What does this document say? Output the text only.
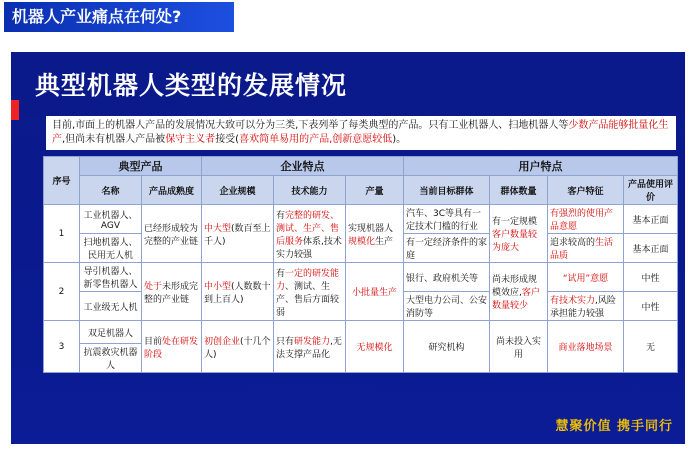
机器人产业痛点在何处?
典型机器人类型的发展情况
目前,市面上的机器人产品的发展情况大致可以分为三类,下表列举了每类典型的产品。只有工业机器人、扫地机器人等少数产品能够批量化生产,但尚未有机器人产品被保守主义者接受(喜欢简单易用的产品,创新意愿较低)。
序号	典型产品		企业特点			用户特点			
	名称	产品成熟度	企业规模	技术能力	产量	当前目标群体	群体数量	客户特征	产品使用评价
1	工业机器人、AGV	已经形成较为完整的产业链	中大型(数百至上千人)	有完整的研发、测试、生产、售后服务体系,技术实力较强	实现机器人规模化生产	汽车、3C等具有一定技术门槛的行业	有一定规模客户数量较为庞大	有强烈的使用产品意愿	基本正面
	扫地机器人、民用无人机					有一定经济条件的家庭		追求较高的生活品质	基本正面
2	导引机器人、新零售机器人	处于未形成完整的产业链	中小型(人数数十到上百人)	有一定的研发能力、测试、生产、售后方面较弱	小批量生产	银行、政府机关等	尚未形成规模效应,客户数量较少	“试用”意愿	中性
	工业级无人机					大型电力公司、公安消防等		有技术实力,风险承担能力较强	中性
3	双足机器人	目前处在研发阶段	初创企业(十几个人)	只有研发能力,无法支撑产品化	无规模化	研究机构	尚未投入实用	商业落地场景	无
	抗震救灾机器人								
慧聚价值 携手同行
